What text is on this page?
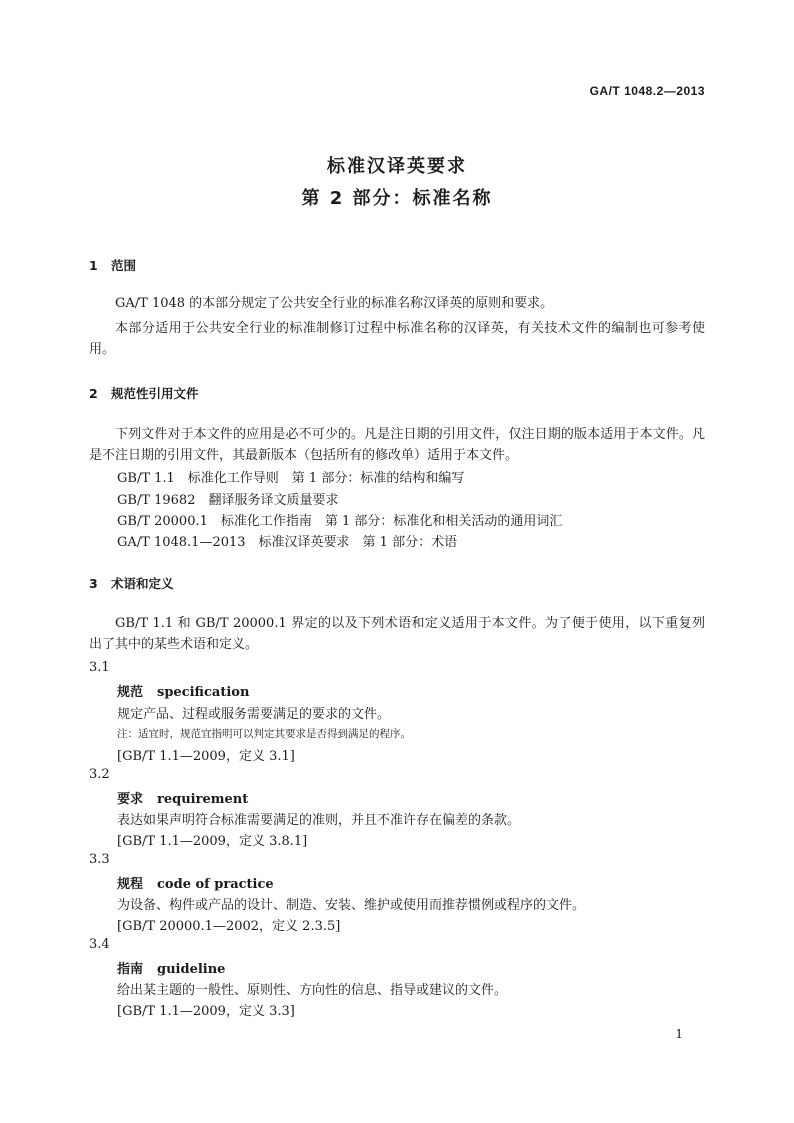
GA/T 1048.2—2013
标准汉译英要求
第 2 部分：标准名称
1 范围
GA/T 1048 的本部分规定了公共安全行业的标准名称汉译英的原则和要求。
本部分适用于公共安全行业的标准制修订过程中标准名称的汉译英，有关技术文件的编制也可参考使用。
2 规范性引用文件
下列文件对于本文件的应用是必不可少的。凡是注日期的引用文件，仅注日期的版本适用于本文件。凡是不注日期的引用文件，其最新版本（包括所有的修改单）适用于本文件。
GB/T 1.1　标准化工作导则　第 1 部分：标准的结构和编写
GB/T 19682　翻译服务译文质量要求
GB/T 20000.1　标准化工作指南　第 1 部分：标准化和相关活动的通用词汇
GA/T 1048.1—2013　标准汉译英要求　第 1 部分：术语
3 术语和定义
GB/T 1.1 和 GB/T 20000.1 界定的以及下列术语和定义适用于本文件。为了便于使用，以下重复列出了其中的某些术语和定义。
3.1
规范 specification
规定产品、过程或服务需要满足的要求的文件。
注：适宜时，规范宜指明可以判定其要求是否得到满足的程序。
[GB/T 1.1—2009，定义 3.1]
3.2
要求 requirement
表达如果声明符合标准需要满足的准则，并且不准许存在偏差的条款。
[GB/T 1.1—2009，定义 3.8.1]
3.3
规程 code of practice
为设备、构件或产品的设计、制造、安装、维护或使用而推荐惯例或程序的文件。
[GB/T 20000.1—2002，定义 2.3.5]
3.4
指南 guideline
给出某主题的一般性、原则性、方向性的信息、指导或建议的文件。
[GB/T 1.1—2009，定义 3.3]
1
